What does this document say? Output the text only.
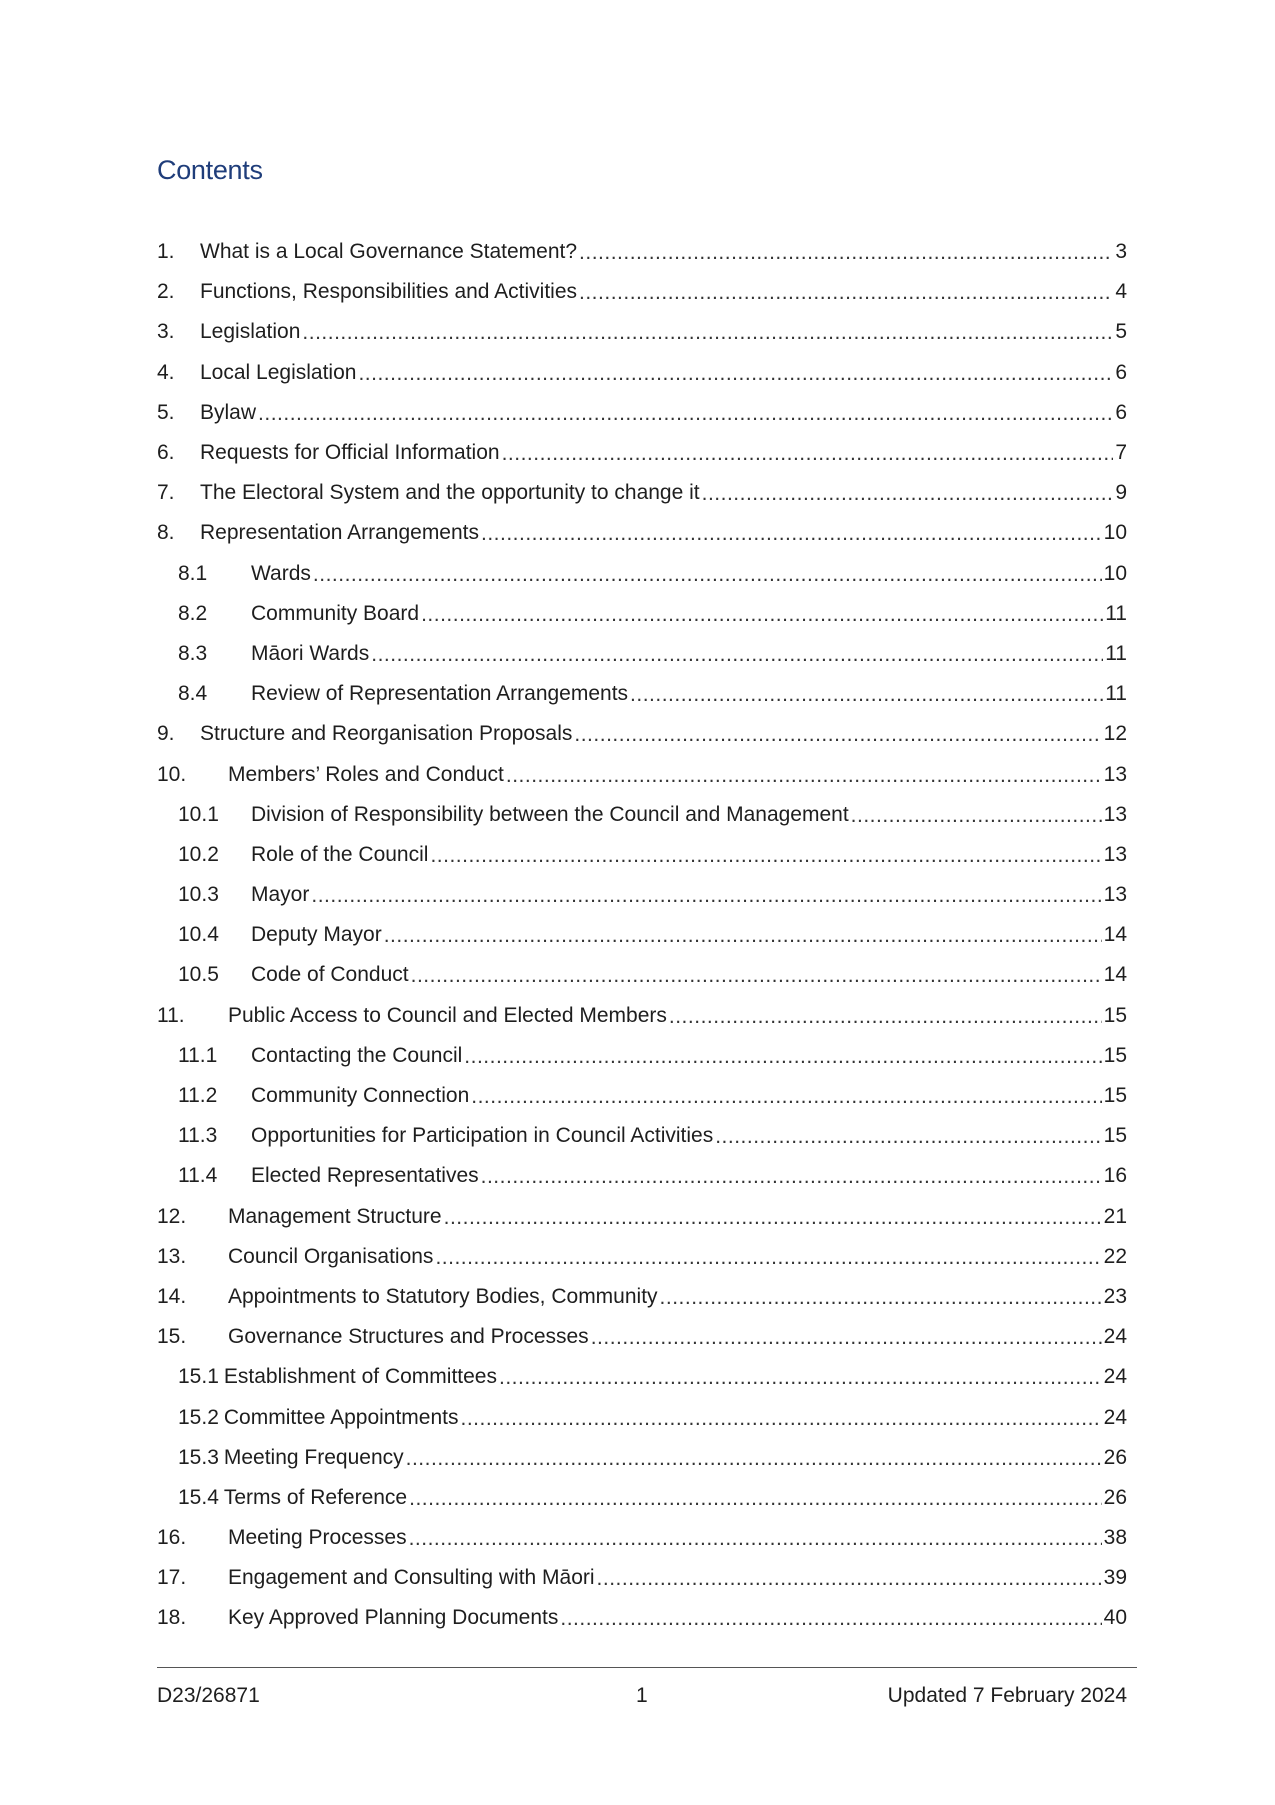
Contents
1.	What is a Local Governance Statement? .....	3
2.	Functions, Responsibilities and Activities .....	4
3.	Legislation .....	5
4.	Local Legislation .....	6
5.	Bylaw .....	6
6.	Requests for Official Information .....	7
7.	The Electoral System and the opportunity to change it .....	9
8.	Representation Arrangements .....	10
8.1	Wards .....	10
8.2	Community Board .....	11
8.3	Māori Wards .....	11
8.4	Review of Representation Arrangements .....	11
9.	Structure and Reorganisation Proposals .....	12
10.	Members’ Roles and Conduct .....	13
10.1	Division of Responsibility between the Council and Management .....	13
10.2	Role of the Council .....	13
10.3	Mayor .....	13
10.4	Deputy Mayor .....	14
10.5	Code of Conduct .....	14
11.	Public Access to Council and Elected Members .....	15
11.1	Contacting the Council .....	15
11.2	Community Connection .....	15
11.3	Opportunities for Participation in Council Activities .....	15
11.4	Elected Representatives .....	16
12.	Management Structure .....	21
13.	Council Organisations .....	22
14.	Appointments to Statutory Bodies, Community .....	23
15.	Governance Structures and Processes .....	24
15.1 Establishment of Committees .....	24
15.2 Committee Appointments .....	24
15.3 Meeting Frequency .....	26
15.4 Terms of Reference .....	26
16.	Meeting Processes .....	38
17.	Engagement and Consulting with Māori .....	39
18.	Key Approved Planning Documents .....	40
D23/26871	1	Updated 7 February 2024
